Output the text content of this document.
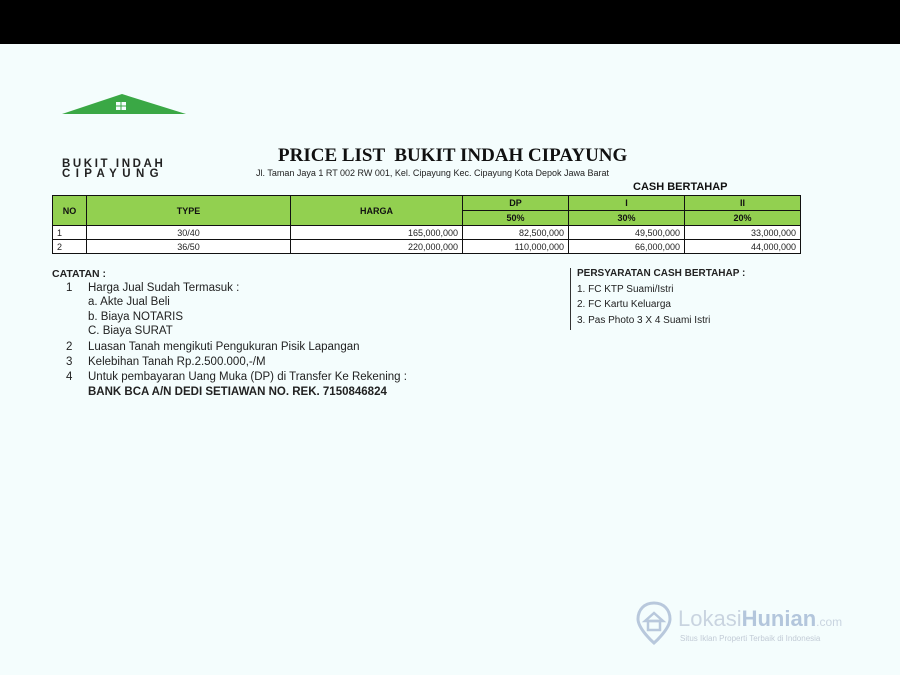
BUKIT INDAH
CIPAYUNG
PRICE LIST  BUKIT INDAH CIPAYUNG
Jl. Taman Jaya 1 RT 002 RW 001, Kel. Cipayung Kec. Cipayung Kota Depok Jawa Barat
CASH BERTAHAP
NO	TYPE	HARGA	DP	I	II
			50%	30%	20%
1	30/40	165,000,000	82,500,000	49,500,000	33,000,000
2	36/50	220,000,000	110,000,000	66,000,000	44,000,000
CATATAN :
1 Harga Jual Sudah Termasuk :
a. Akte Jual Beli
b. Biaya NOTARIS
C. Biaya SURAT
2 Luasan Tanah mengikuti Pengukuran Pisik Lapangan
3 Kelebihan Tanah Rp.2.500.000,-/M
4 Untuk pembayaran Uang Muka (DP) di Transfer Ke Rekening :
BANK BCA A/N DEDI SETIAWAN NO. REK. 7150846824
PERSYARATAN CASH BERTAHAP :
1. FC KTP Suami/Istri
2. FC Kartu Keluarga
3. Pas Photo 3 X 4 Suami Istri
LokasiHunian.com
Situs Iklan Properti Terbaik di Indonesia
